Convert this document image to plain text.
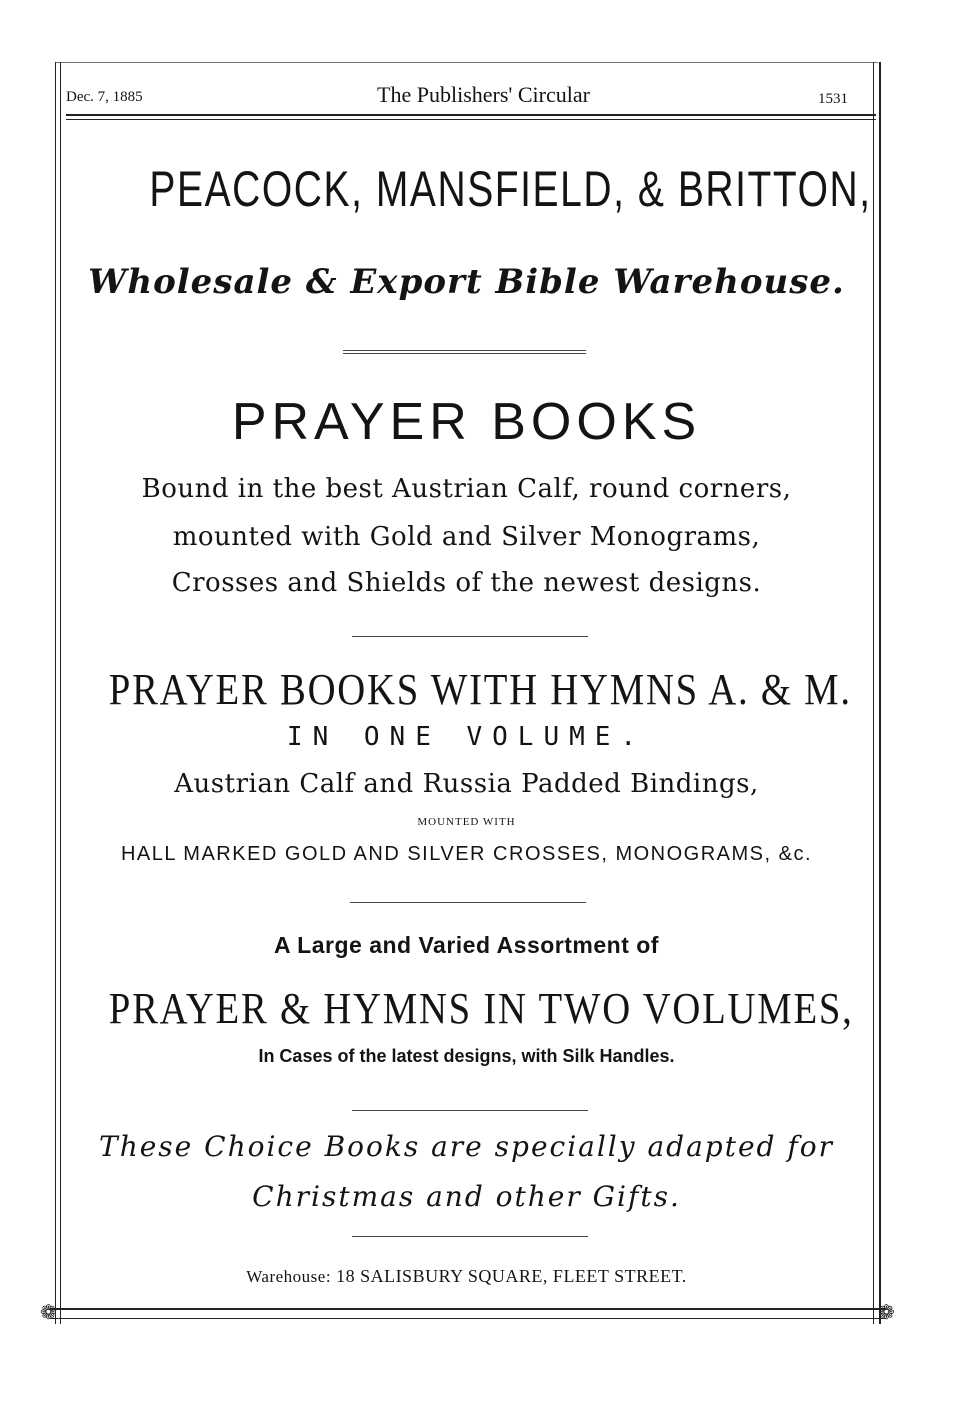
❁	❁
Dec. 7, 1885	The Publishers' Circular	1531
PEACOCK, MANSFIELD, & BRITTON,
Wholesale & Export Bible Warehouse.
PRAYER BOOKS
Bound in the best Austrian Calf, round corners,
mounted with Gold and Silver Monograms,
Crosses and Shields of the newest designs.
PRAYER BOOKS WITH HYMNS A. & M.
IN ONE VOLUME.
Austrian Calf and Russia Padded Bindings,
MOUNTED WITH
HALL MARKED GOLD AND SILVER CROSSES, MONOGRAMS, &c.
A Large and Varied Assortment of
PRAYER & HYMNS IN TWO VOLUMES,
In Cases of the latest designs, with Silk Handles.
These Choice Books are specially adapted for
Christmas and other Gifts.
Warehouse: 18 SALISBURY SQUARE, FLEET STREET.
